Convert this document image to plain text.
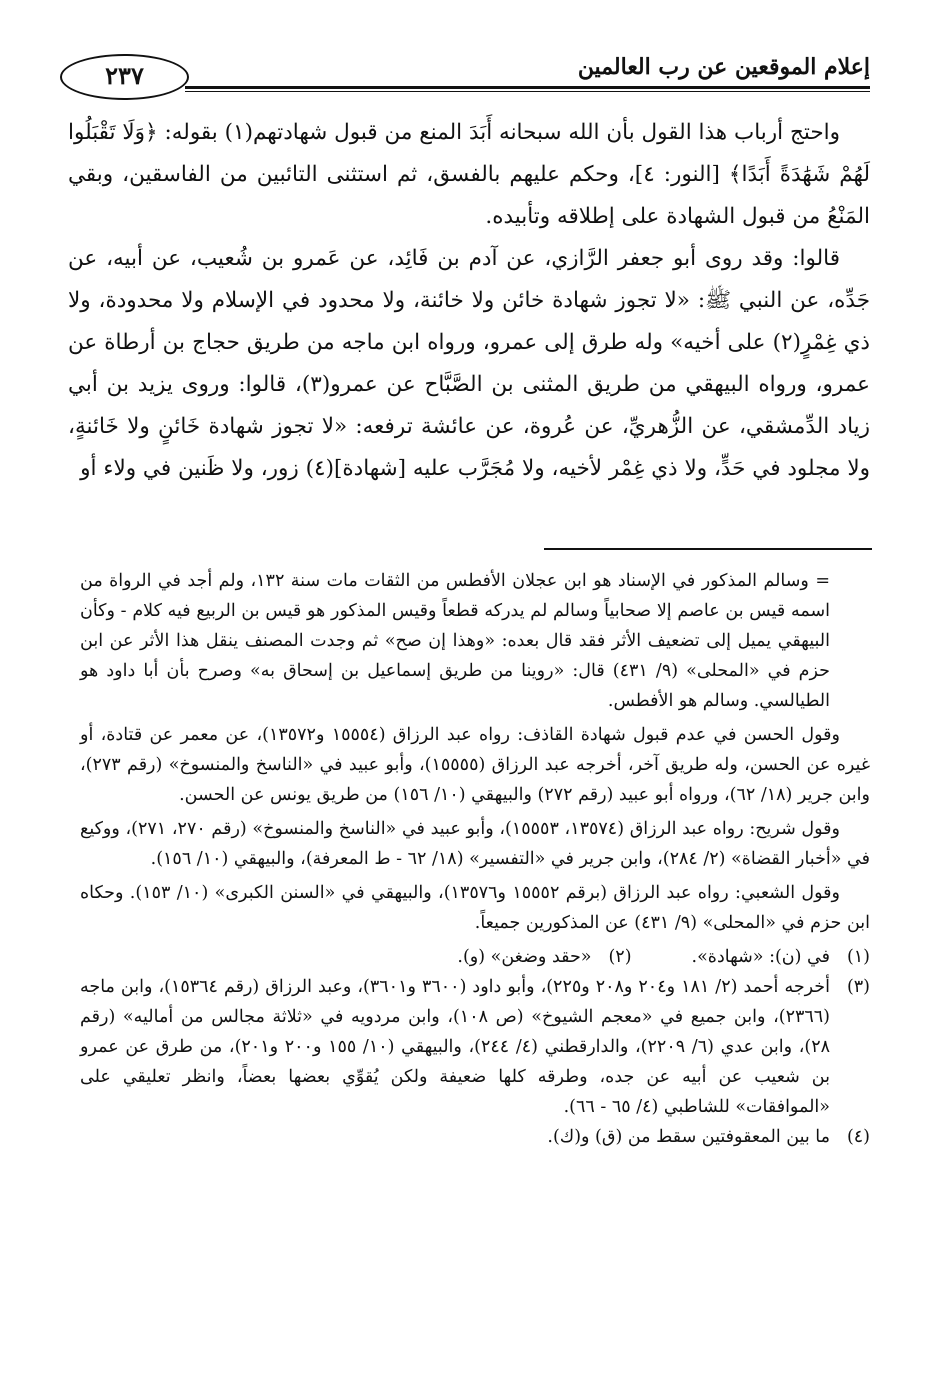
٢٣٧	إعلام الموقعين عن رب العالمين

واحتج أرباب هذا القول بأن الله سبحانه أَبَدَ المنع من قبول شهادتهم(١) بقوله: ﴿وَلَا تَقْبَلُوا لَهُمْ شَهَٰدَةً أَبَدًا﴾ [النور: ٤]، وحكم عليهم بالفسق، ثم استثنى التائبين من الفاسقين، وبقي المَنْعُ من قبول الشهادة على إطلاقه وتأبيده.

قالوا: وقد روى أبو جعفر الرَّازي، عن آدم بن فَائِد، عن عَمرو بن شُعيب، عن أبيه، عن جَدِّه، عن النبي ﷺ: «لا تجوز شهادة خائن ولا خائنة، ولا محدود في الإسلام ولا محدودة، ولا ذي غِمْرٍ(٢) على أخيه» وله طرق إلى عمرو، ورواه ابن ماجه من طريق حجاج بن أرطاة عن عمرو، ورواه البيهقي من طريق المثنى بن الصَّبَّاح عن عمرو(٣)، قالوا: وروى يزيد بن أبي زياد الدِّمشقي، عن الزُّهريِّ، عن عُروة، عن عائشة ترفعه: «لا تجوز شهادة خَائنٍ ولا خَائنةٍ، ولا مجلود في حَدٍّ، ولا ذي غِمْر لأخيه، ولا مُجَرَّب عليه [شهادة](٤) زور، ولا ظَنين في ولاء أو

= وسالم المذكور في الإسناد هو ابن عجلان الأفطس من الثقات مات سنة ١٣٢، ولم أجد في الرواة من اسمه قيس بن عاصم إلا صحابياً وسالم لم يدركه قطعاً وقيس المذكور هو قيس بن الربيع فيه كلام - وكأن البيهقي يميل إلى تضعيف الأثر فقد قال بعده: «وهذا إن صح» ثم وجدت المصنف ينقل هذا الأثر عن ابن حزم في «المحلى» (٩/ ٤٣١) قال: «روينا من طريق إسماعيل بن إسحاق به» وصرح بأن أبا داود هو الطيالسي. وسالم هو الأفطس.

وقول الحسن في عدم قبول شهادة القاذف: رواه عبد الرزاق (١٥٥٥٤ و١٣٥٧٢)، عن معمر عن قتادة، أو غيره عن الحسن، وله طريق آخر، أخرجه عبد الرزاق (١٥٥٥٥)، وأبو عبيد في «الناسخ والمنسوخ» (رقم ٢٧٣)، وابن جرير (١٨/ ٦٢)، ورواه أبو عبيد (رقم ٢٧٢) والبيهقي (١٠/ ١٥٦) من طريق يونس عن الحسن.

وقول شريح: رواه عبد الرزاق (١٣٥٧٤، ١٥٥٥٣)، وأبو عبيد في «الناسخ والمنسوخ» (رقم ٢٧٠، ٢٧١)، ووكيع في «أخبار القضاة» (٢/ ٢٨٤)، وابن جرير في «التفسير» (١٨/ ٦٢ - ط المعرفة)، والبيهقي (١٠/ ١٥٦).

وقول الشعبي: رواه عبد الرزاق (برقم ١٥٥٥٢ و١٣٥٧٦)، والبيهقي في «السنن الكبرى» (١٠/ ١٥٣). وحكاه ابن حزم في «المحلى» (٩/ ٤٣١) عن المذكورين جميعاً.

(١)
في (ن): «شهادة».
(٢)
«حقد وضغن» (و).
(٣)
أخرجه أحمد (٢/ ١٨١ و٢٠٤ و٢٠٨ و٢٢٥)، وأبو داود (٣٦٠٠ و٣٦٠١)، وعبد الرزاق (رقم ١٥٣٦٤)، وابن ماجه (٢٣٦٦)، وابن جميع في «معجم الشيوخ» (ص ١٠٨)، وابن مردويه في «ثلاثة مجالس من أماليه» (رقم ٢٨)، وابن عدي (٦/ ٢٢٠٩)، والدارقطني (٤/ ٢٤٤)، والبيهقي (١٠/ ١٥٥ و٢٠٠ و٢٠١)، من طرق عن عمرو بن شعيب عن أبيه عن جده، وطرقه كلها ضعيفة ولكن يُقوِّي بعضها بعضاً، وانظر تعليقي على «الموافقات» للشاطبي (٤/ ٦٥ - ٦٦).
(٤)
ما بين المعقوفتين سقط من (ق) و(ك).
